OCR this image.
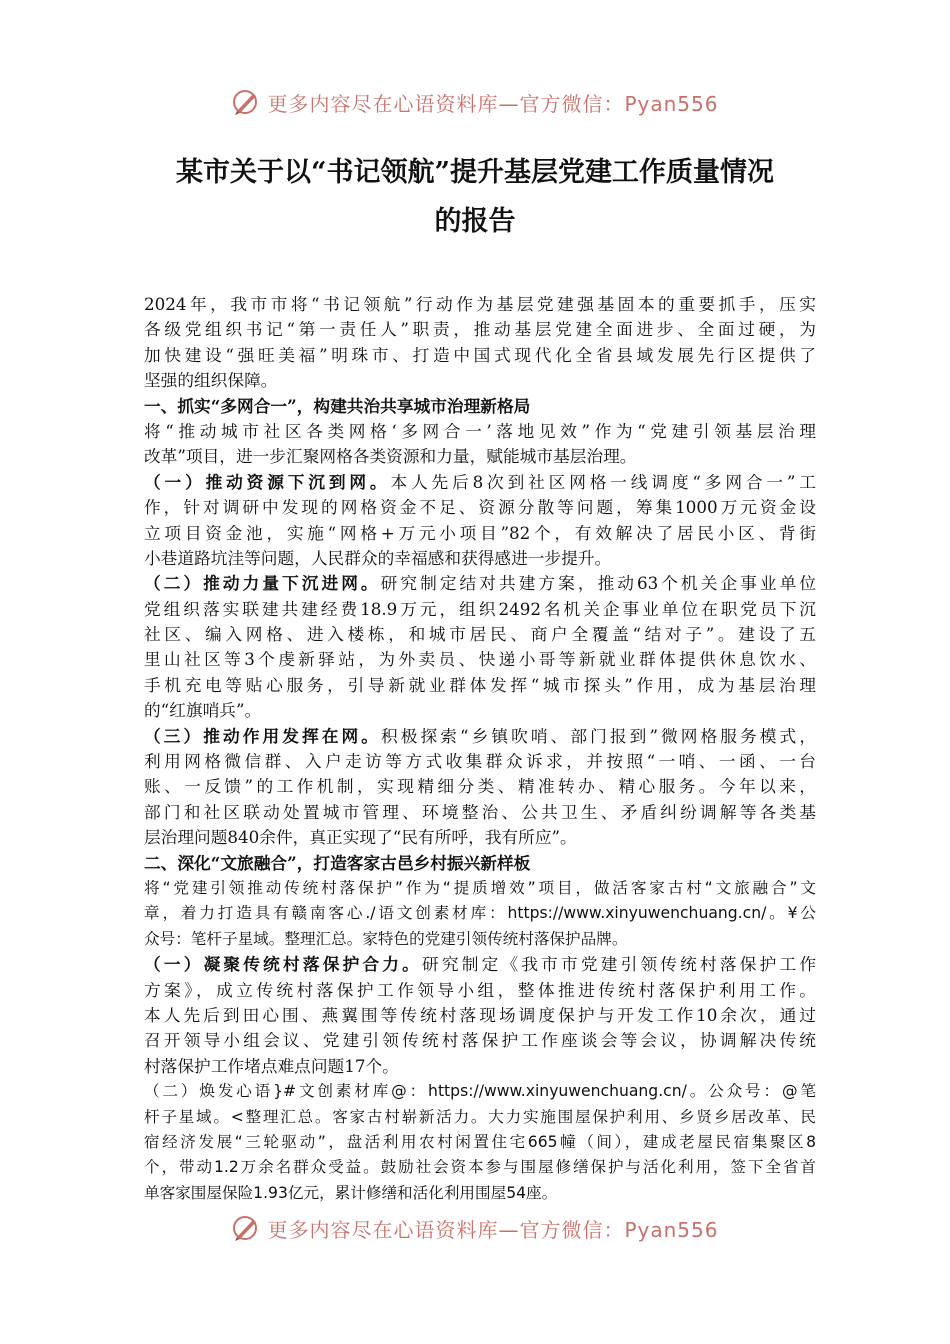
更多内容尽在心语资料库—官方微信：Pyan556
某市关于以“书记领航”提升基层党建工作质量情况
的报告
2024年，我市市将“书记领航”行动作为基层党建强基固本的重要抓手，压实
各级党组织书记“第一责任人”职责，推动基层党建全面进步、全面过硬，为
加快建设“强旺美福”明珠市、打造中国式现代化全省县域发展先行区提供了
坚强的组织保障。
一、抓实“多网合一”，构建共治共享城市治理新格局
将“推动城市社区各类网格‘多网合一’落地见效”作为“党建引领基层治理
改革”项目，进一步汇聚网格各类资源和力量，赋能城市基层治理。
（一）推动资源下沉到网。本人先后8次到社区网格一线调度“多网合一”工
作，针对调研中发现的网格资金不足、资源分散等问题，筹集1000万元资金设
立项目资金池，实施“网格+万元小项目”82个，有效解决了居民小区、背街
小巷道路坑洼等问题，人民群众的幸福感和获得感进一步提升。
（二）推动力量下沉进网。研究制定结对共建方案，推动63个机关企事业单位
党组织落实联建共建经费18.9万元，组织2492名机关企事业单位在职党员下沉
社区、编入网格、进入楼栋，和城市居民、商户全覆盖“结对子”。建设了五
里山社区等3个虔新驿站，为外卖员、快递小哥等新就业群体提供休息饮水、
手机充电等贴心服务，引导新就业群体发挥“城市探头”作用，成为基层治理
的“红旗哨兵”。
（三）推动作用发挥在网。积极探索“乡镇吹哨、部门报到”微网格服务模式，
利用网格微信群、入户走访等方式收集群众诉求，并按照“一哨、一函、一台
账、一反馈”的工作机制，实现精细分类、精准转办、精心服务。今年以来，
部门和社区联动处置城市管理、环境整治、公共卫生、矛盾纠纷调解等各类基
层治理问题840余件，真正实现了“民有所呼，我有所应”。
二、深化“文旅融合”，打造客家古邑乡村振兴新样板
将“党建引领推动传统村落保护”作为“提质增效”项目，做活客家古村“文旅融合”文
章，着力打造具有赣南客心./语文创素材库：https://www.xinyuwenchuang.cn/。¥公
众号：笔杆子星域。整理汇总。家特色的党建引领传统村落保护品牌。
（一）凝聚传统村落保护合力。研究制定《我市市党建引领传统村落保护工作
方案》，成立传统村落保护工作领导小组，整体推进传统村落保护利用工作。
本人先后到田心围、燕翼围等传统村落现场调度保护与开发工作10余次，通过
召开领导小组会议、党建引领传统村落保护工作座谈会等会议，协调解决传统
村落保护工作堵点难点问题17个。
（二）焕发心语}#文创素材库@：https://www.xinyuwenchuang.cn/。公众号：@笔
杆子星域。<整理汇总。客家古村崭新活力。大力实施围屋保护利用、乡贤乡居改革、民
宿经济发展“三轮驱动”，盘活利用农村闲置住宅665幢（间），建成老屋民宿集聚区8
个，带动1.2万余名群众受益。鼓励社会资本参与围屋修缮保护与活化利用，签下全省首
单客家围屋保险1.93亿元，累计修缮和活化利用围屋54座。
更多内容尽在心语资料库—官方微信：Pyan556
